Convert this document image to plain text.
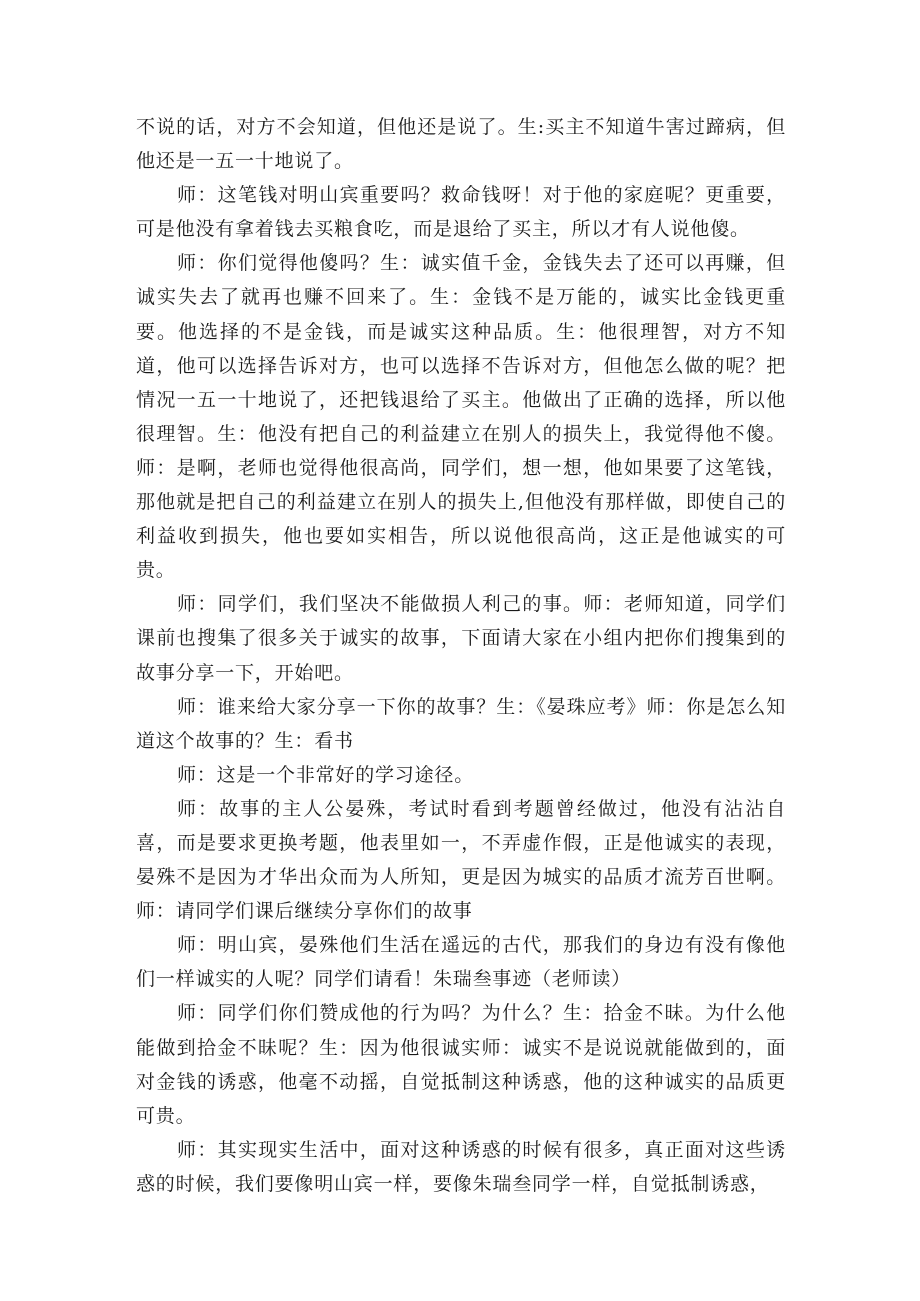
不说的话，对方不会知道，但他还是说了。生:买主不知道牛害过蹄病，但他还是一五一十地说了。

师：这笔钱对明山宾重要吗？救命钱呀！对于他的家庭呢？更重要，可是他没有拿着钱去买粮食吃，而是退给了买主，所以才有人说他傻。

师：你们觉得他傻吗？生：诚实值千金，金钱失去了还可以再赚，但诚实失去了就再也赚不回来了。生：金钱不是万能的，诚实比金钱更重要。他选择的不是金钱，而是诚实这种品质。生：他很理智，对方不知道，他可以选择告诉对方，也可以选择不告诉对方，但他怎么做的呢？把情况一五一十地说了，还把钱退给了买主。他做出了正确的选择，所以他很理智。生：他没有把自己的利益建立在别人的损失上，我觉得他不傻。师：是啊，老师也觉得他很高尚，同学们，想一想，他如果要了这笔钱，那他就是把自己的利益建立在别人的损失上,但他没有那样做，即使自己的利益收到损失，他也要如实相告，所以说他很高尚，这正是他诚实的可贵。

师：同学们，我们坚决不能做损人利己的事。师：老师知道，同学们课前也搜集了很多关于诚实的故事，下面请大家在小组内把你们搜集到的故事分享一下，开始吧。

师：谁来给大家分享一下你的故事？生：《晏珠应考》师：你是怎么知道这个故事的？生：看书

师：这是一个非常好的学习途径。

师：故事的主人公晏殊，考试时看到考题曾经做过，他没有沾沾自喜，而是要求更换考题，他表里如一，不弄虚作假，正是他诚实的表现，晏殊不是因为才华出众而为人所知，更是因为城实的品质才流芳百世啊。师：请同学们课后继续分享你们的故事

师：明山宾，晏殊他们生活在遥远的古代，那我们的身边有没有像他们一样诚实的人呢？同学们请看！朱瑞叁事迹（老师读）

师：同学们你们赞成他的行为吗？为什么？生：拾金不昧。为什么他能做到拾金不昧呢？生：因为他很诚实师：诚实不是说说就能做到的，面对金钱的诱惑，他毫不动摇，自觉抵制这种诱惑，他的这种诚实的品质更可贵。

师：其实现实生活中，面对这种诱惑的时候有很多，真正面对这些诱惑的时候，我们要像明山宾一样，要像朱瑞叁同学一样，自觉抵制诱惑，
